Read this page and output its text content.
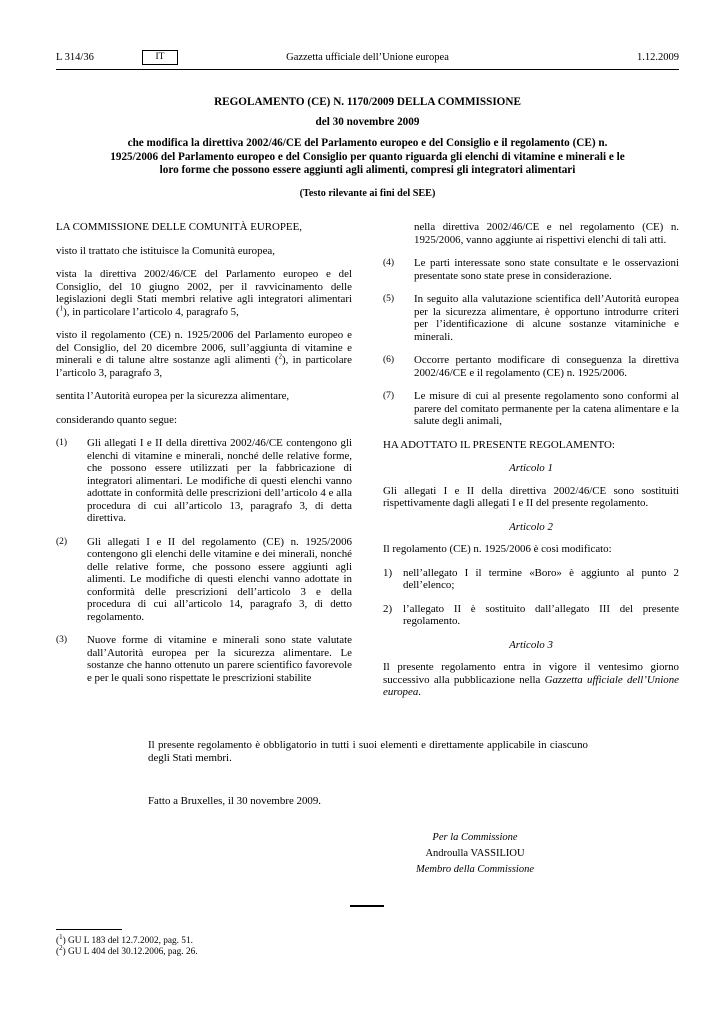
L 314/36	IT	Gazzetta ufficiale dell’Unione europea	1.12.2009

REGOLAMENTO (CE) N. 1170/2009 DELLA COMMISSIONE

del 30 novembre 2009

che modifica la direttiva 2002/46/CE del Parlamento europeo e del Consiglio e il regolamento (CE) n. 1925/2006 del Parlamento europeo e del Consiglio per quanto riguarda gli elenchi di vitamine e minerali e le loro forme che possono essere aggiunti agli alimenti, compresi gli integratori alimentari

(Testo rilevante ai fini del SEE)

LA COMMISSIONE DELLE COMUNITÀ EUROPEE,

visto il trattato che istituisce la Comunità europea,

vista la direttiva 2002/46/CE del Parlamento europeo e del Consiglio, del 10 giugno 2002, per il ravvicinamento delle legislazioni degli Stati membri relative agli integratori alimentari ($^1$), in particolare l’articolo 4, paragrafo 5,

visto il regolamento (CE) n. 1925/2006 del Parlamento europeo e del Consiglio, del 20 dicembre 2006, sull’aggiunta di vitamine e minerali e di talune altre sostanze agli alimenti ($^2$), in particolare l’articolo 3, paragrafo 3,

sentita l’Autorità europea per la sicurezza alimentare,

considerando quanto segue:

(1) Gli allegati I e II della direttiva 2002/46/CE contengono gli elenchi di vitamine e minerali, nonché delle relative forme, che possono essere utilizzati per la fabbricazione di integratori alimentari. Le modifiche di questi elenchi vanno adottate in conformità delle prescrizioni dell’articolo 4 e alla procedura di cui all’articolo 13, paragrafo 3, di detta direttiva.
(2) Gli allegati I e II del regolamento (CE) n. 1925/2006 contengono gli elenchi delle vitamine e dei minerali, nonché delle relative forme, che possono essere aggiunti agli alimenti. Le modifiche di questi elenchi vanno adottate in conformità delle prescrizioni dell’articolo 3 e della procedura di cui all’articolo 14, paragrafo 3, di detto regolamento.
(3) Nuove forme di vitamine e minerali sono state valutate dall’Autorità europea per la sicurezza alimentare. Le sostanze che hanno ottenuto un parere scientifico favorevole e per le quali sono rispettate le prescrizioni stabilite
nella direttiva 2002/46/CE e nel regolamento (CE) n. 1925/2006, vanno aggiunte ai rispettivi elenchi di tali atti.
(4) Le parti interessate sono state consultate e le osservazioni presentate sono state prese in considerazione.
(5) In seguito alla valutazione scientifica dell’Autorità europea per la sicurezza alimentare, è opportuno introdurre criteri per l’identificazione di alcune sostanze vitaminiche e minerali.
(6) Occorre pertanto modificare di conseguenza la direttiva 2002/46/CE e il regolamento (CE) n. 1925/2006.
(7) Le misure di cui al presente regolamento sono conformi al parere del comitato permanente per la catena alimentare e la salute degli animali,

HA ADOTTATO IL PRESENTE REGOLAMENTO:

Articolo 1

Gli allegati I e II della direttiva 2002/46/CE sono sostituiti rispettivamente dagli allegati I e II del presente regolamento.

Articolo 2

Il regolamento (CE) n. 1925/2006 è così modificato:

1) nell’allegato I il termine «Boro» è aggiunto al punto 2 dell’elenco;
2) l’allegato II è sostituito dall’allegato III del presente regolamento.

Articolo 3

Il presente regolamento entra in vigore il ventesimo giorno successivo alla pubblicazione nella Gazzetta ufficiale dell’Unione europea.

Il presente regolamento è obbligatorio in tutti i suoi elementi e direttamente applicabile in ciascuno degli Stati membri.
Fatto a Bruxelles, il 30 novembre 2009.
Per la Commissione
Androulla VASSILIOU
Membro della Commissione
($^1$) GU L 183 del 12.7.2002, pag. 51.
($^2$) GU L 404 del 30.12.2006, pag. 26.
